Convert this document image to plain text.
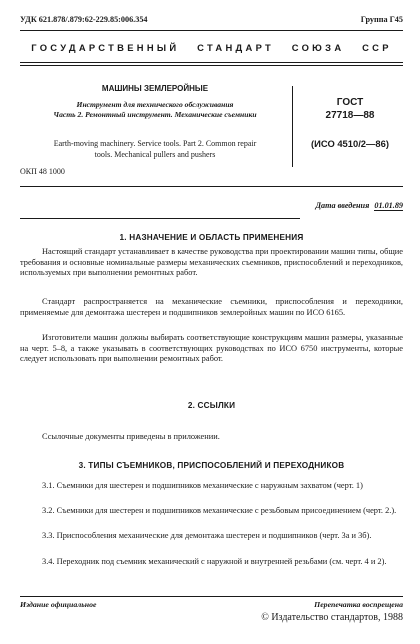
УДК 621.878/.879:62-229.85:006.354	Группа Г45
ГОСУДАРСТВЕННЫЙ   СТАНДАРТ   СОЮЗА   ССР
МАШИНЫ ЗЕМЛЕРОЙНЫЕ
Инструмент для технического обслуживания
Часть 2. Ремонтный инструмент. Механические съемники
Earth-moving machinery. Service tools. Part 2. Common repair
tools. Mechanical pullers and pushers
ГОСТ
27718—88
(ИСО 4510/2—86)
ОКП 48 1000
Дата введения 01.01.89
1. НАЗНАЧЕНИЕ И ОБЛАСТЬ ПРИМЕНЕНИЯ
Настоящий стандарт устанавливает в качестве руководства при проектировании машин типы, общие требования и основные номинальные размеры механических съемников, приспособлений и переходников, используемых при выполнении ремонтных работ.
Стандарт распространяется на механические съемники, приспособления и переходники, применяемые для демонтажа шестерен и подшипников землеройных машин по ИСО 6165.
Изготовители машин должны выбирать соответствующие конструкциям машин размеры, указанные на черт. 5–8, а также указывать в соответствующих руководствах по ИСО 6750 инструменты, которые следует использовать при выполнении ремонтных работ.
2. ССЫЛКИ
Ссылочные документы приведены в приложении.
3. ТИПЫ СЪЕМНИКОВ, ПРИСПОСОБЛЕНИЙ И ПЕРЕХОДНИКОВ
3.1. Съемники для шестерен и подшипников механические с наружным захватом (черт. 1)
3.2. Съемники для шестерен и подшипников механические с резьбовым присоединением (черт. 2.).
3.3. Приспособления механические для демонтажа шестерен и подшипников (черт. 3а и 3б).
3.4. Переходник под съемник механический с наружной и внутренней резьбами (см. черт. 4 и 2).
Издание официальное	Перепечатка воспрещена
© Издательство стандартов, 1988
